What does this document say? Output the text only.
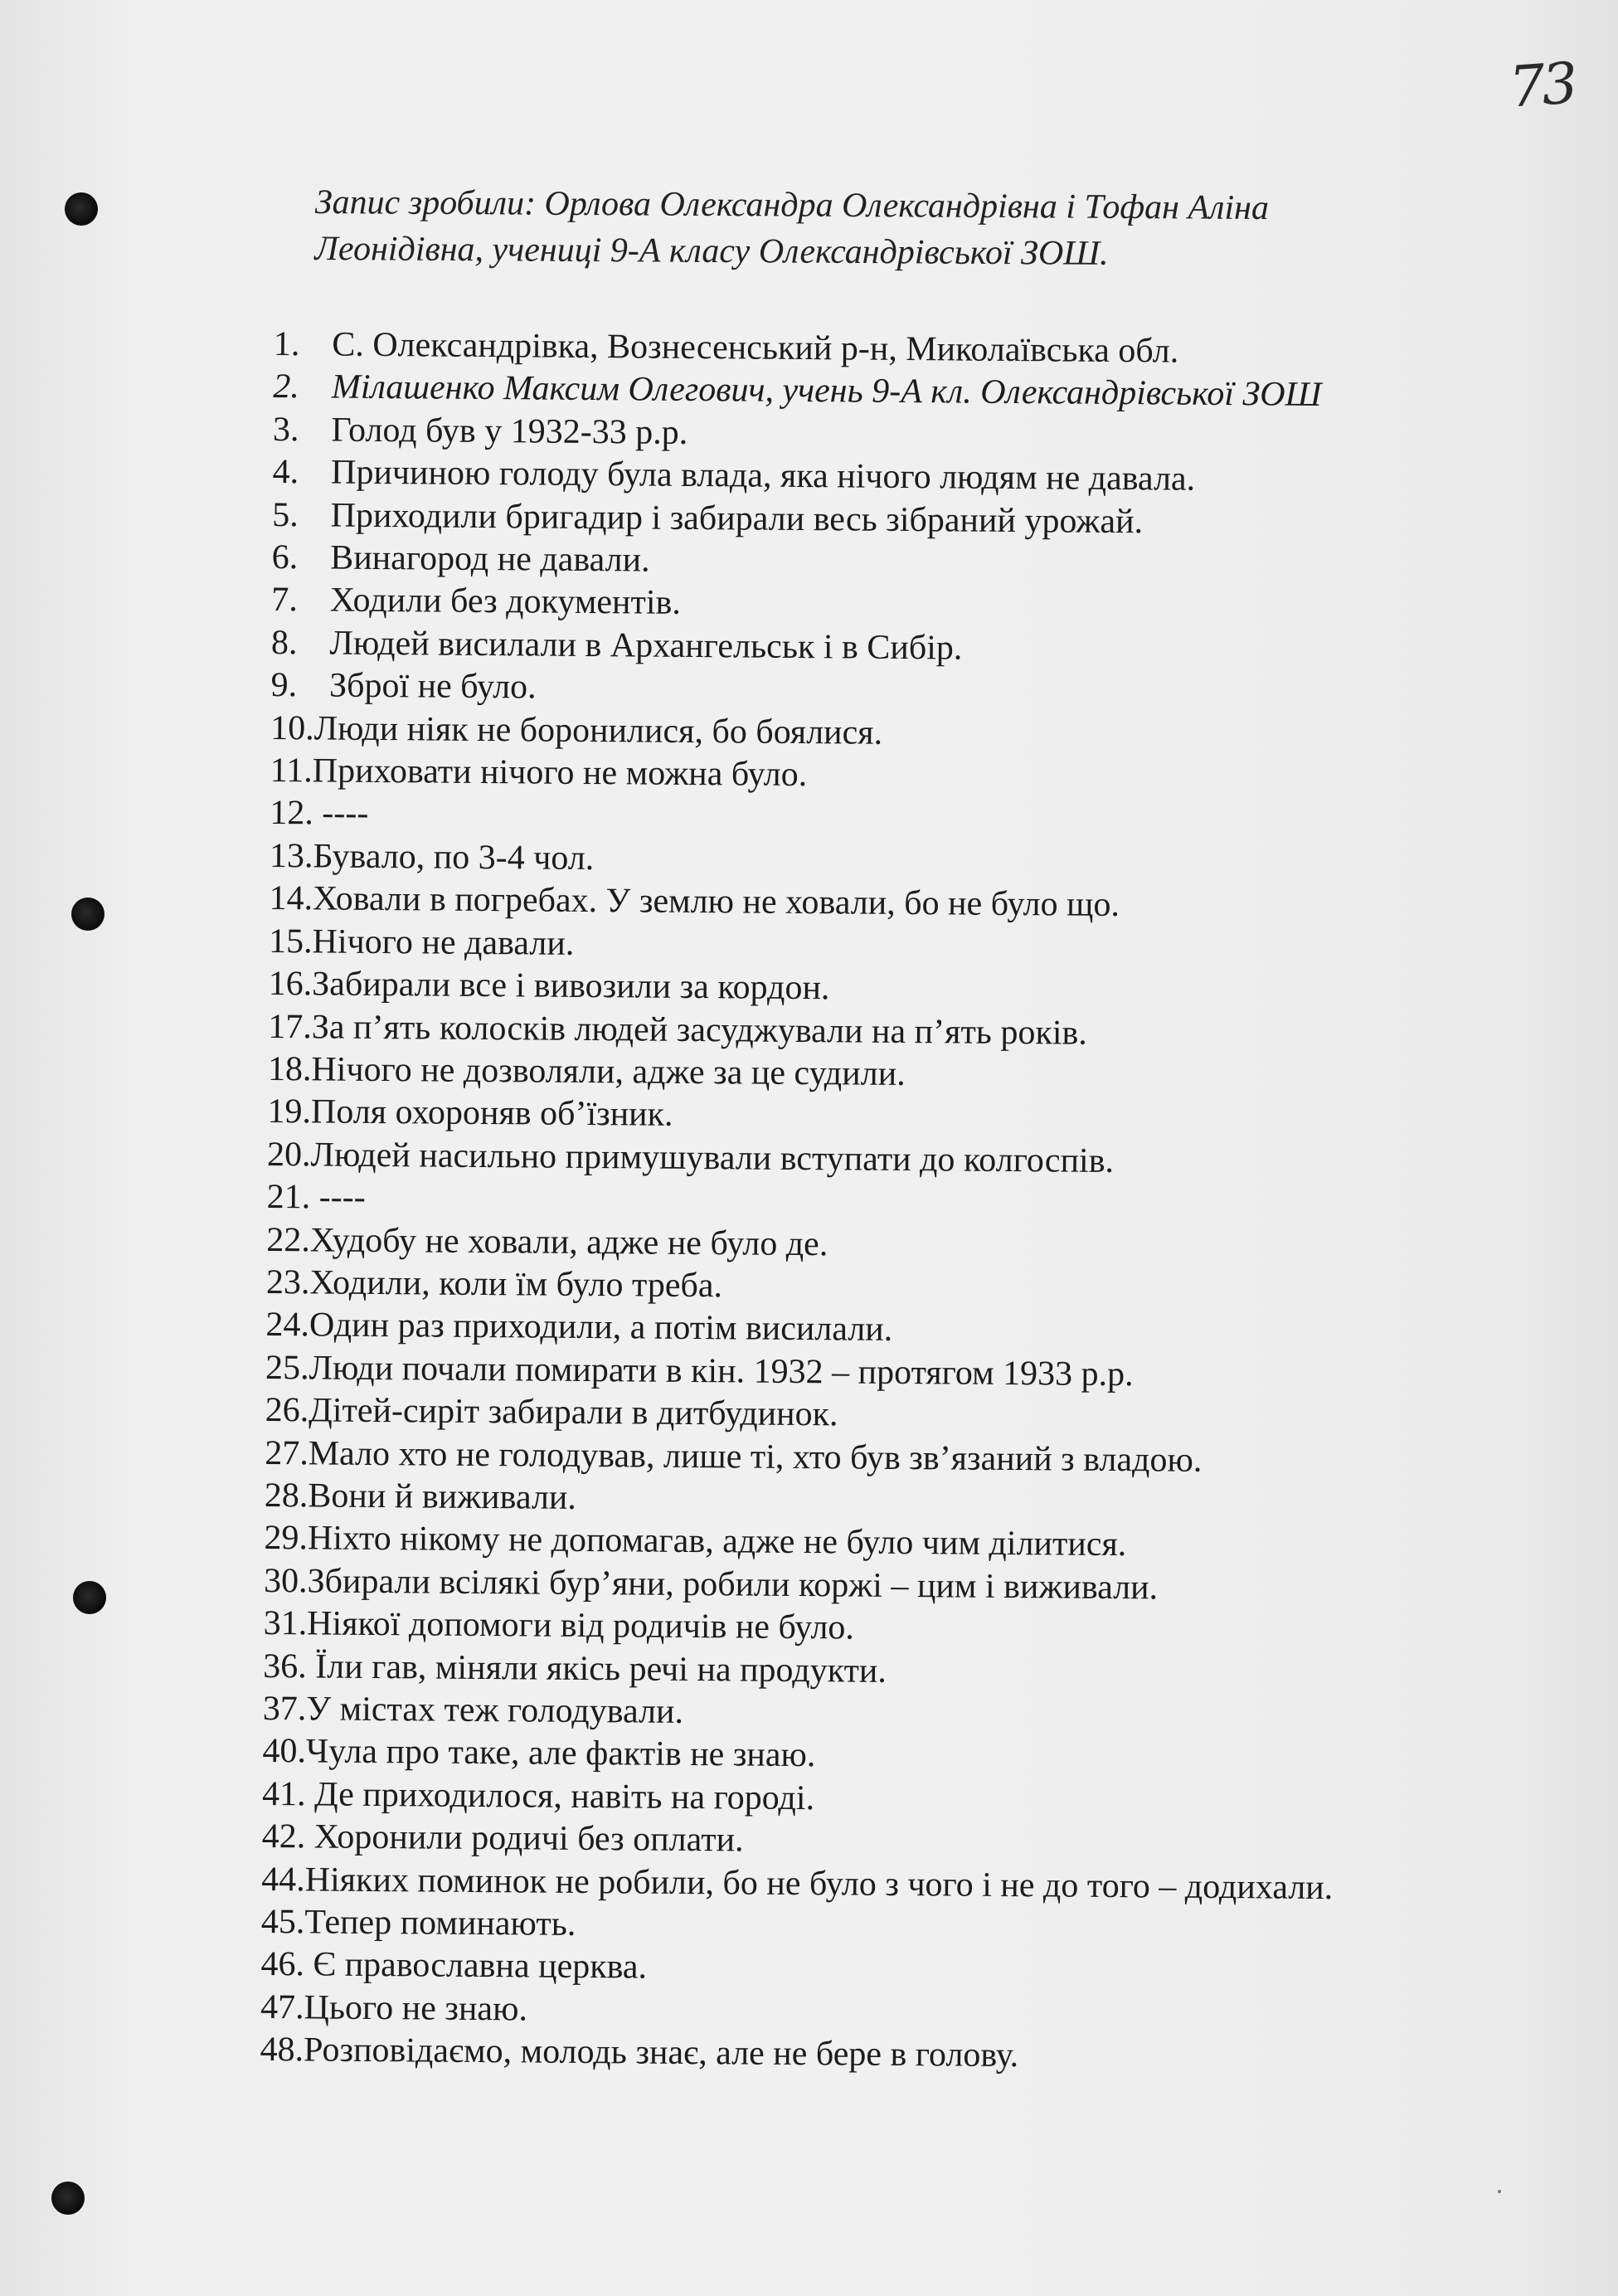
73

Запис зробили: Орлова Олександра Олександрівна і Тофан Аліна

Леонідівна, учениці 9-А класу Олександрівської ЗОШ.

1. С. Олександрівка, Вознесенський р-н, Миколаївська обл.
2. Мілашенко Максим Олегович, учень 9-А кл. Олександрівської ЗОШ
3. Голод був у 1932-33 р.р.
4. Причиною голоду була влада, яка нічого людям не давала.
5. Приходили бригадир і забирали весь зібраний урожай.
6. Винагород не давали.
7. Ходили без документів.
8. Людей висилали в Архангельськ і в Сибір.
9. Зброї не було.
10.Люди ніяк не боронилися, бо боялися.
11.Приховати нічого не можна було.
12. ----
13.Бувало, по 3-4 чол.
14.Ховали в погребах. У землю не ховали, бо не було що.
15.Нічого не давали.
16.Забирали все і вивозили за кордон.
17.За п’ять колосків людей засуджували на п’ять років.
18.Нічого не дозволяли, адже за це судили.
19.Поля охороняв об’їзник.
20.Людей насильно примушували вступати до колгоспів.
21. ----
22.Худобу не ховали, адже не було де.
23.Ходили, коли їм було треба.
24.Один раз приходили, а потім висилали.
25.Люди почали помирати в кін. 1932 – протягом 1933 р.р.
26.Дітей-сиріт забирали в дитбудинок.
27.Мало хто не голодував, лише ті, хто був зв’язаний з владою.
28.Вони й виживали.
29.Ніхто нікому не допомагав, адже не було чим ділитися.
30.Збирали всілякі бур’яни, робили коржі – цим і виживали.
31.Ніякої допомоги від родичів не було.
36. Їли гав, міняли якісь речі на продукти.
37.У містах теж голодували.
40.Чула про таке, але фактів не знаю.
41. Де приходилося, навіть на городі.
42. Хоронили родичі без оплати.
44.Ніяких поминок не робили, бо не було з чого і не до того – додихали.
45.Тепер поминають.
46. Є православна церква.
47.Цього не знаю.
48.Розповідаємо, молодь знає, але не бере в голову.
